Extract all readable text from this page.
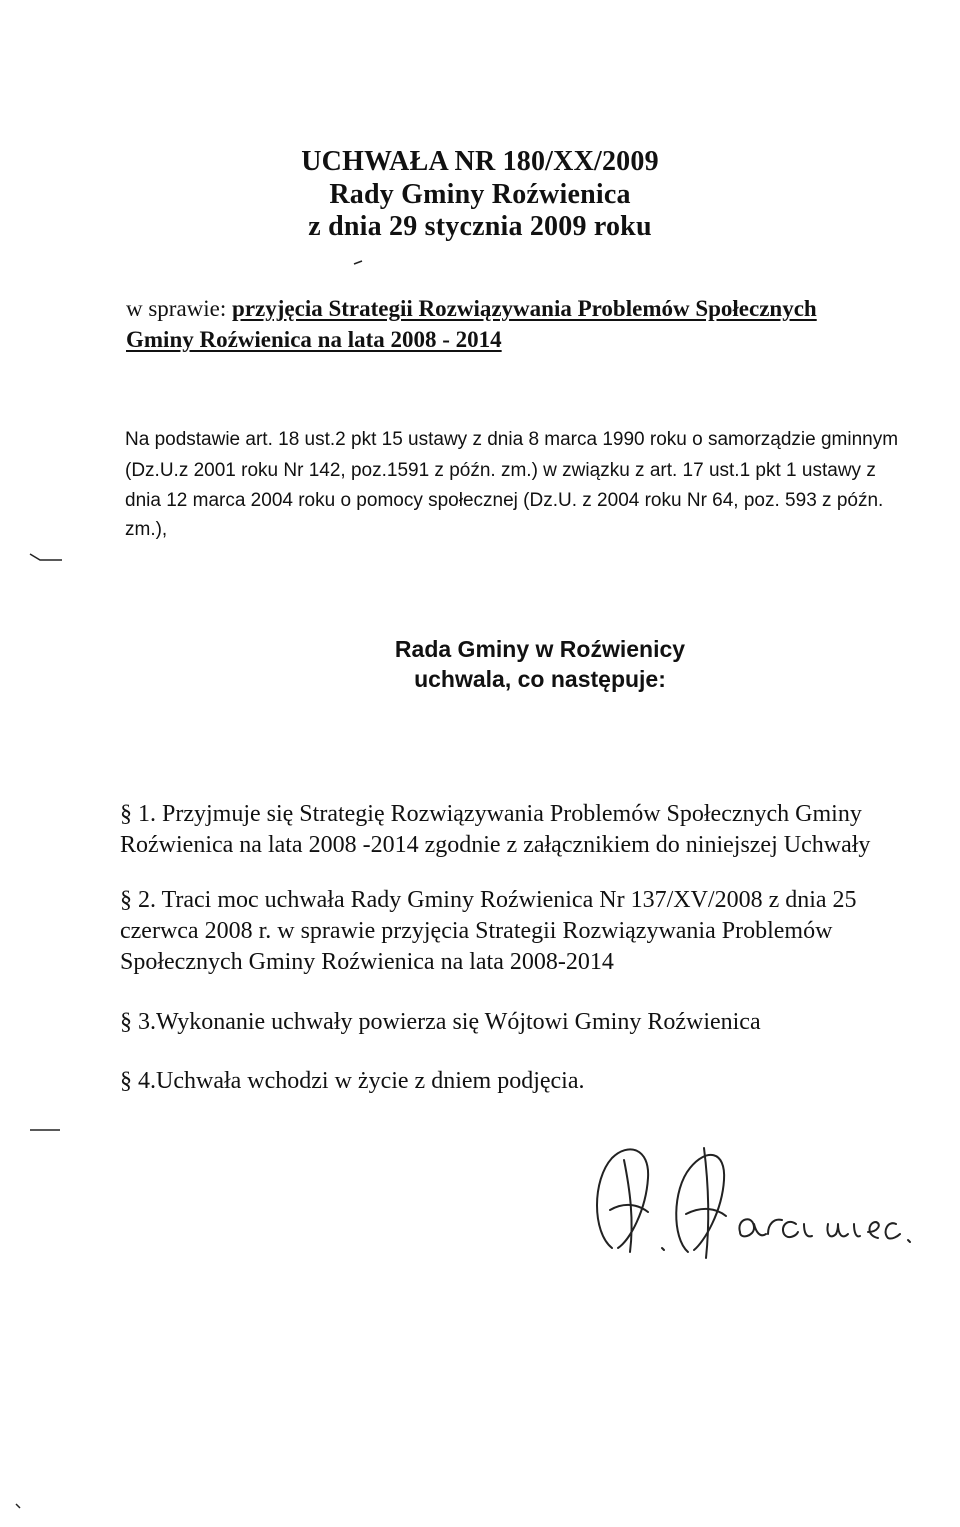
UCHWAŁA NR 180/XX/2009
Rady Gminy Roźwienica
z dnia 29 stycznia 2009 roku
w sprawie: przyjęcia Strategii Rozwiązywania Problemów Społecznych
Gminy Roźwienica na lata 2008 - 2014
Na podstawie art. 18 ust.2 pkt 15 ustawy z dnia 8 marca 1990 roku o samorządzie gminnym
(Dz.U.z 2001 roku Nr 142, poz.1591 z późn. zm.) w związku z art. 17 ust.1 pkt 1 ustawy z
dnia 12 marca 2004 roku o pomocy społecznej (Dz.U. z 2004 roku Nr 64, poz. 593 z późn.
zm.),
Rada Gminy w Roźwienicy
uchwala, co następuje:
§ 1. Przyjmuje się Strategię Rozwiązywania Problemów Społecznych Gminy
Roźwienica na lata 2008 -2014 zgodnie z załącznikiem do niniejszej Uchwały
§ 2. Traci moc uchwała Rady Gminy Roźwienica Nr 137/XV/2008 z dnia 25
czerwca 2008 r. w sprawie przyjęcia Strategii Rozwiązywania Problemów
Społecznych Gminy Roźwienica na lata 2008-2014
§ 3.Wykonanie uchwały powierza się Wójtowi Gminy Roźwienica
§ 4.Uchwała wchodzi w życie z dniem podjęcia.
